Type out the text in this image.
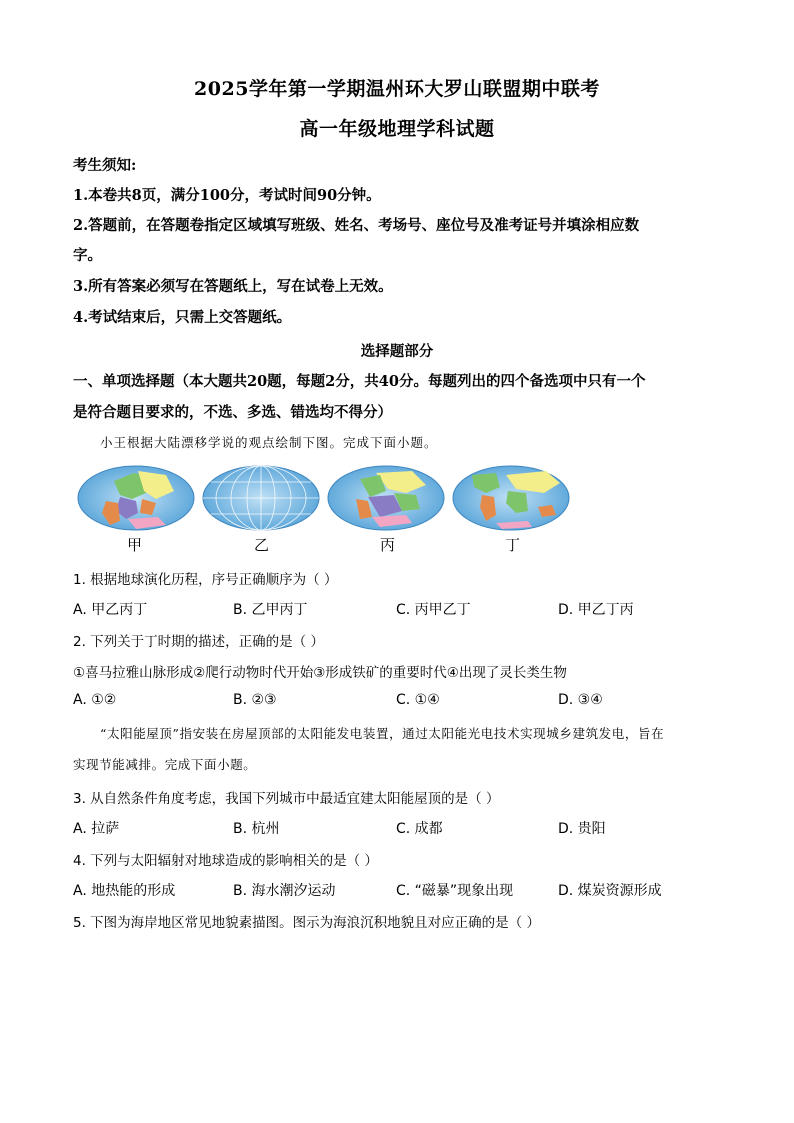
2025学年第一学期温州环大罗山联盟期中联考
高一年级地理学科试题
考生须知:
1.本卷共8页，满分100分，考试时间90分钟。
2.答题前，在答题卷指定区域填写班级、姓名、考场号、座位号及准考证号并填涂相应数
字。
3.所有答案必须写在答题纸上，写在试卷上无效。
4.考试结束后，只需上交答题纸。
选择题部分
一、单项选择题（本大题共20题，每题2分，共40分。每题列出的四个备选项中只有一个
是符合题目要求的，不选、多选、错选均不得分）
小王根据大陆漂移学说的观点绘制下图。完成下面小题。
甲	乙	丙	丁
1. 根据地球演化历程，序号正确顺序为（ ）
A. 甲乙丙丁	B. 乙甲丙丁	C. 丙甲乙丁	D. 甲乙丁丙
2. 下列关于丁时期的描述，正确的是（ ）
①喜马拉雅山脉形成②爬行动物时代开始③形成铁矿的重要时代④出现了灵长类生物
A. ①②	B. ②③	C. ①④	D. ③④
“太阳能屋顶”指安装在房屋顶部的太阳能发电装置，通过太阳能光电技术实现城乡建筑发电，旨在
实现节能减排。完成下面小题。
3. 从自然条件角度考虑，我国下列城市中最适宜建太阳能屋顶的是（ ）
A. 拉萨	B. 杭州	C. 成都	D. 贵阳
4. 下列与太阳辐射对地球造成的影响相关的是（ ）
A. 地热能的形成	B. 海水潮汐运动	C. “磁暴”现象出现	D. 煤炭资源形成
5. 下图为海岸地区常见地貌素描图。图示为海浪沉积地貌且对应正确的是（ ）
